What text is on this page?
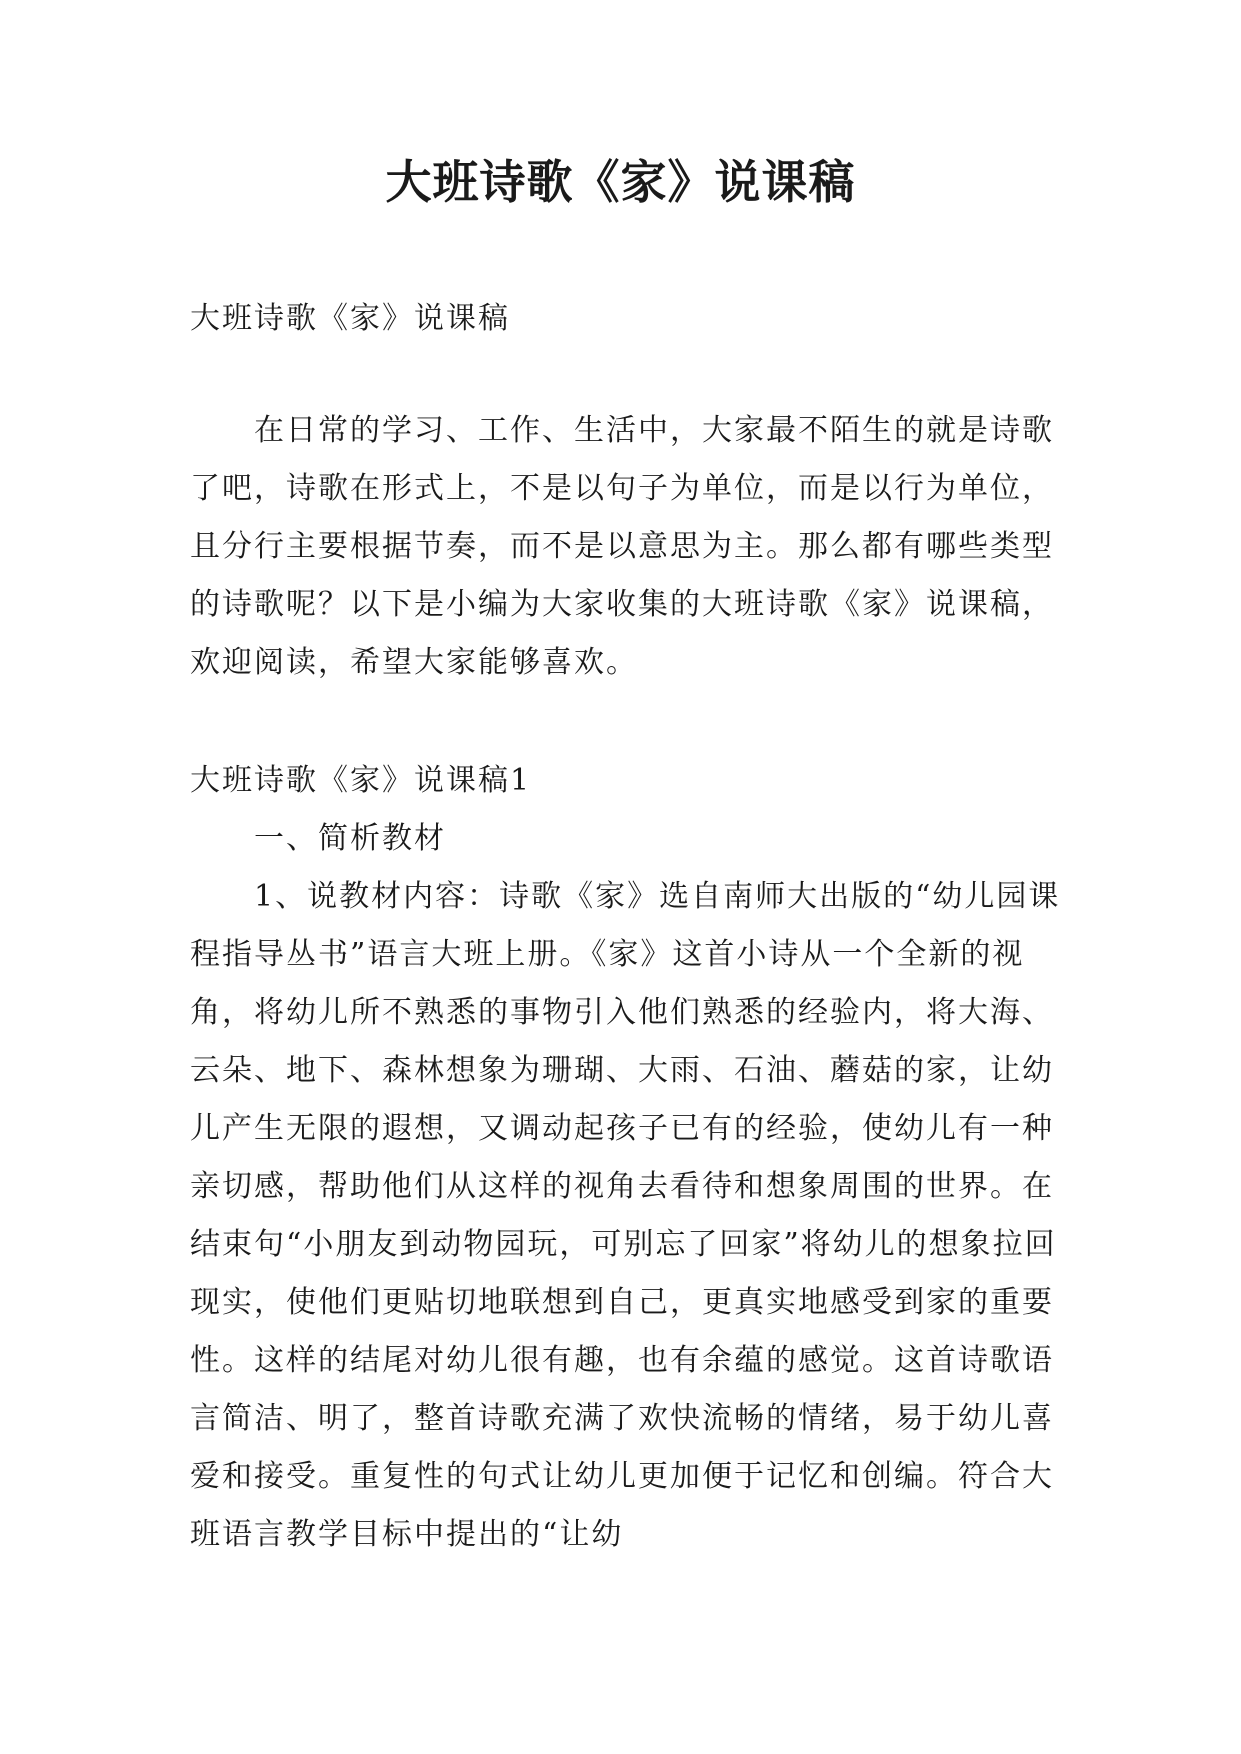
大班诗歌《家》说课稿

大班诗歌《家》说课稿

在日常的学习、工作、生活中，大家最不陌生的就是诗歌了吧，诗歌在形式上，不是以句子为单位，而是以行为单位，且分行主要根据节奏，而不是以意思为主。那么都有哪些类型的诗歌呢？以下是小编为大家收集的大班诗歌《家》说课稿，欢迎阅读，希望大家能够喜欢。

大班诗歌《家》说课稿1

一、简析教材

1、说教材内容：诗歌《家》选自南师大出版的“幼儿园课程指导丛书”语言大班上册。《家》这首小诗从一个全新的视角，将幼儿所不熟悉的事物引入他们熟悉的经验内，将大海、云朵、地下、森林想象为珊瑚、大雨、石油、蘑菇的家，让幼儿产生无限的遐想，又调动起孩子已有的经验，使幼儿有一种亲切感，帮助他们从这样的视角去看待和想象周围的世界。在结束句“小朋友到动物园玩，可别忘了回家”将幼儿的想象拉回现实，使他们更贴切地联想到自己，更真实地感受到家的重要性。这样的结尾对幼儿很有趣，也有余蕴的感觉。这首诗歌语言简洁、明了，整首诗歌充满了欢快流畅的情绪，易于幼儿喜爱和接受。重复性的句式让幼儿更加便于记忆和创编。符合大班语言教学目标中提出的“让幼
